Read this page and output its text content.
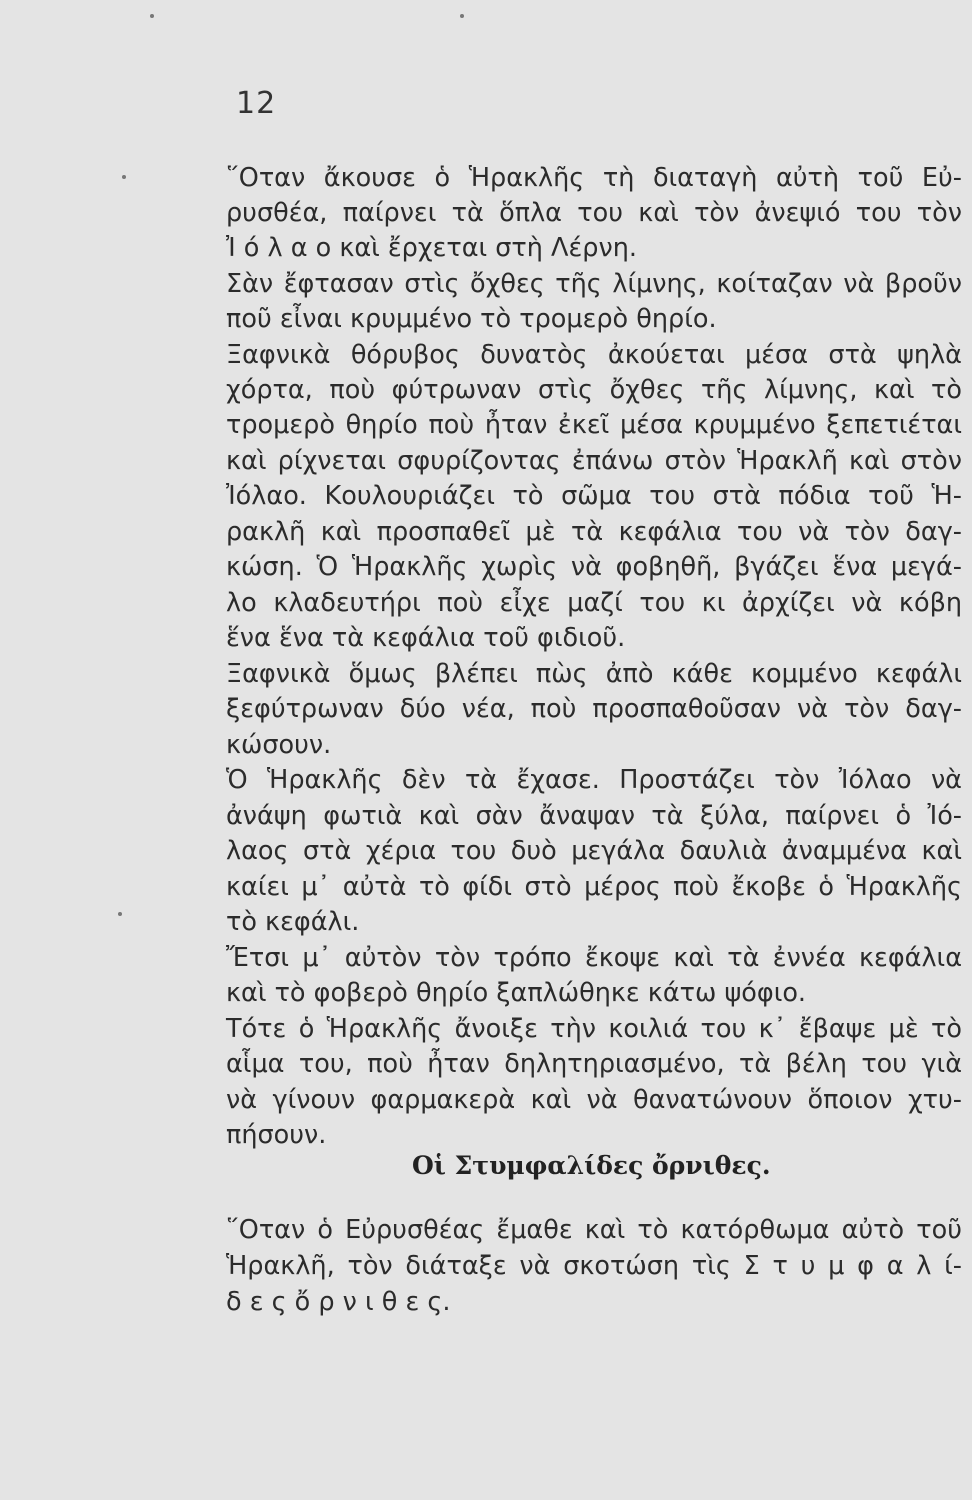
12
῞Οταν ἄκουσε ὁ Ἡρακλῆς τὴ διαταγὴ αὐτὴ τοῦ Εὐ-
ρυσθέα, παίρνει τὰ ὅπλα του καὶ τὸν ἀνεψιό του τὸν
Ἰ ό λ α ο καὶ ἔρχεται στὴ Λέρνη.
Σὰν ἔφτασαν στὶς ὄχθες τῆς λίμνης, κοίταζαν νὰ βροῦν
ποῦ εἶναι κρυμμένο τὸ τρομερὸ θηρίο.
Ξαφνικὰ θόρυβος δυνατὸς ἀκούεται μέσα στὰ ψηλὰ
χόρτα, ποὺ φύτρωναν στὶς ὄχθες τῆς λίμνης, καὶ τὸ
τρομερὸ θηρίο ποὺ ἦταν ἐκεῖ μέσα κρυμμένο ξεπετιέται
καὶ ρίχνεται σφυρίζοντας ἐπάνω στὸν Ἡρακλῆ καὶ στὸν
Ἰόλαο. Κουλουριάζει τὸ σῶμα του στὰ πόδια τοῦ Ἡ-
ρακλῆ καὶ προσπαθεῖ μὲ τὰ κεφάλια του νὰ τὸν δαγ-
κώση. Ὁ Ἡρακλῆς χωρὶς νὰ φοβηθῆ, βγάζει ἕνα μεγά-
λο κλαδευτήρι ποὺ εἶχε μαζί του κι ἀρχίζει νὰ κόβη
ἕνα ἕνα τὰ κεφάλια τοῦ φιδιοῦ.
Ξαφνικὰ ὅμως βλέπει πὼς ἀπὸ κάθε κομμένο κεφάλι
ξεφύτρωναν δύο νέα, ποὺ προσπαθοῦσαν νὰ τὸν δαγ-
κώσουν.
Ὁ Ἡρακλῆς δὲν τὰ ἔχασε. Προστάζει τὸν Ἰόλαο νὰ
ἀνάψη φωτιὰ καὶ σὰν ἄναψαν τὰ ξύλα, παίρνει ὁ Ἰό-
λαος στὰ χέρια του δυὸ μεγάλα δαυλιὰ ἀναμμένα καὶ
καίει μ᾿ αὐτὰ τὸ φίδι στὸ μέρος ποὺ ἔκοβε ὁ Ἡρακλῆς
τὸ κεφάλι.
Ἔτσι μ᾿ αὐτὸν τὸν τρόπο ἔκοψε καὶ τὰ ἐννέα κεφάλια
καὶ τὸ φοβερὸ θηρίο ξαπλώθηκε κάτω ψόφιο.
Τότε ὁ Ἡρακλῆς ἄνοιξε τὴν κοιλιά του κ᾿ ἔβαψε μὲ τὸ
αἷμα του, ποὺ ἦταν δηλητηριασμένο, τὰ βέλη του γιὰ
νὰ γίνουν φαρμακερὰ καὶ νὰ θανατώνουν ὅποιον χτυ-
πήσουν.
Οἱ Στυμφαλίδες ὄρνιθες.
῞Οταν ὁ Εὐρυσθέας ἔμαθε καὶ τὸ κατόρθωμα αὐτὸ τοῦ
Ἡρακλῆ, τὸν διάταξε νὰ σκοτώση τὶς Σ τ υ μ φ α λ ί-
δ ε ς ὄ ρ ν ι θ ε ς.
